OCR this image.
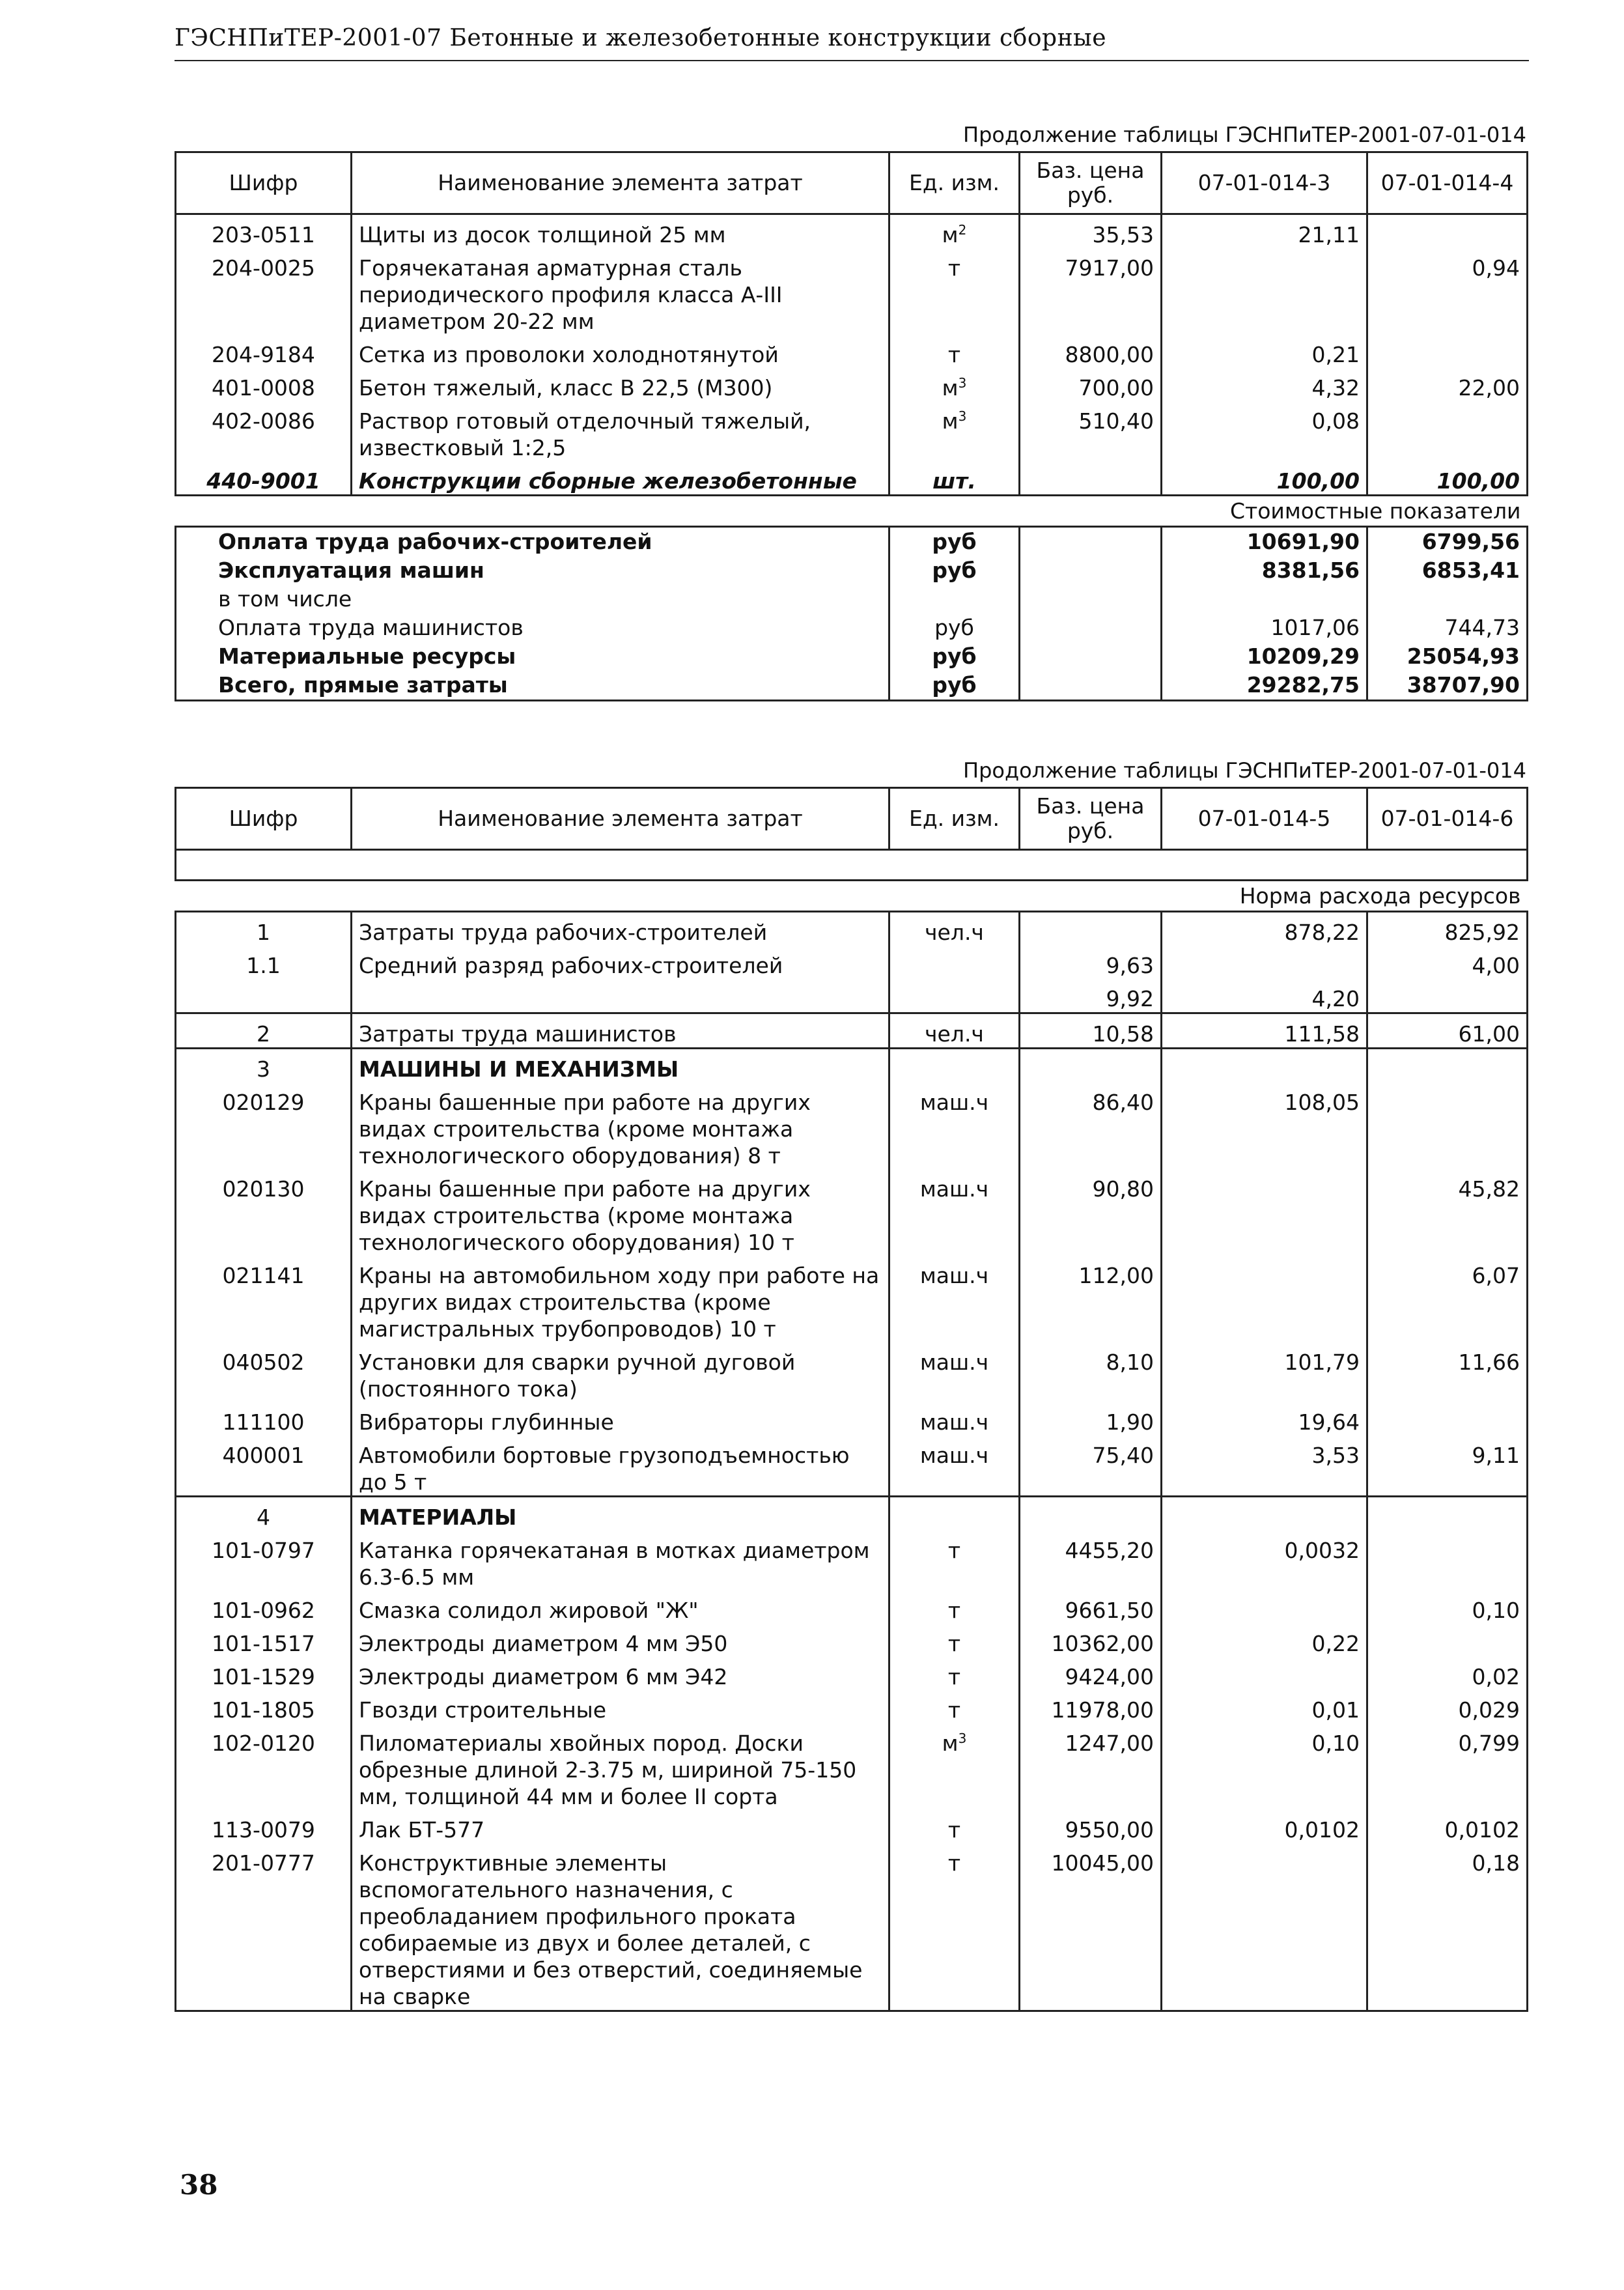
ГЭСНПиТЕР-2001-07 Бетонные и железобетонные конструкции сборные
Продолжение таблицы ГЭСНПиТЕР-2001-07-01-014
Шифр	Наименование элемента затрат	Ед. изм.	Баз. цена руб.	07-01-014-3	07-01-014-4
203-0511	Щиты из досок толщиной 25 мм	$м^2$	35,53	21,11	
204-0025	Горячекатаная арматурная сталь периодического профиля класса А-III диаметром 20-22 мм	т	7917,00		0,94
204-9184	Сетка из проволоки холоднотянутой	т	8800,00	0,21	
401-0008	Бетон тяжелый, класс В 22,5 (М300)	$м^3$	700,00	4,32	22,00
402-0086	Раствор готовый отделочный тяжелый, известковый 1:2,5	$м^3$	510,40	0,08	
440-9001	Конструкции сборные железобетонные	шт.		100,00	100,00
Стоимостные показатели					
Оплата труда рабочих-строителей		руб		10691,90	6799,56
Эксплуатация машин		руб		8381,56	6853,41
в том числе					
Оплата труда машинистов		руб		1017,06	744,73
Материальные ресурсы		руб		10209,29	25054,93
Всего, прямые затраты		руб		29282,75	38707,90
Продолжение таблицы ГЭСНПиТЕР-2001-07-01-014
Шифр	Наименование элемента затрат	Ед. изм.	Баз. цена руб.	07-01-014-5	07-01-014-6

Норма расхода ресурсов					
1	Затраты труда рабочих-строителей	чел.ч		878,22	825,92
1.1	Средний разряд рабочих-строителей		9,63		4,00
			9,92	4,20	
2	Затраты труда машинистов	чел.ч	10,58	111,58	61,00
3	МАШИНЫ И МЕХАНИЗМЫ				
020129	Краны башенные при работе на других видах строительства (кроме монтажа технологического оборудования) 8 т	маш.ч	86,40	108,05	
020130	Краны башенные при работе на других видах строительства (кроме монтажа технологического оборудования) 10 т	маш.ч	90,80		45,82
021141	Краны на автомобильном ходу при работе на других видах строительства (кроме магистральных трубопроводов) 10 т	маш.ч	112,00		6,07
040502	Установки для сварки ручной дуговой (постоянного тока)	маш.ч	8,10	101,79	11,66
111100	Вибраторы глубинные	маш.ч	1,90	19,64	
400001	Автомобили бортовые грузоподъемностью до 5 т	маш.ч	75,40	3,53	9,11
4	МАТЕРИАЛЫ				
101-0797	Катанка горячекатаная в мотках диаметром 6.3-6.5 мм	т	4455,20	0,0032	
101-0962	Смазка солидол жировой "Ж"	т	9661,50		0,10
101-1517	Электроды диаметром 4 мм Э50	т	10362,00	0,22	
101-1529	Электроды диаметром 6 мм Э42	т	9424,00		0,02
101-1805	Гвозди строительные	т	11978,00	0,01	0,029
102-0120	Пиломатериалы хвойных пород. Доски обрезные длиной 2-3.75 м, шириной 75-150 мм, толщиной 44 мм и более II сорта	$м^3$	1247,00	0,10	0,799
113-0079	Лак БТ-577	т	9550,00	0,0102	0,0102
201-0777	Конструктивные элементы вспомогательного назначения, с преобладанием профильного проката собираемые из двух и более деталей, с отверстиями и без отверстий, соединяемые на сварке	т	10045,00		0,18
38
